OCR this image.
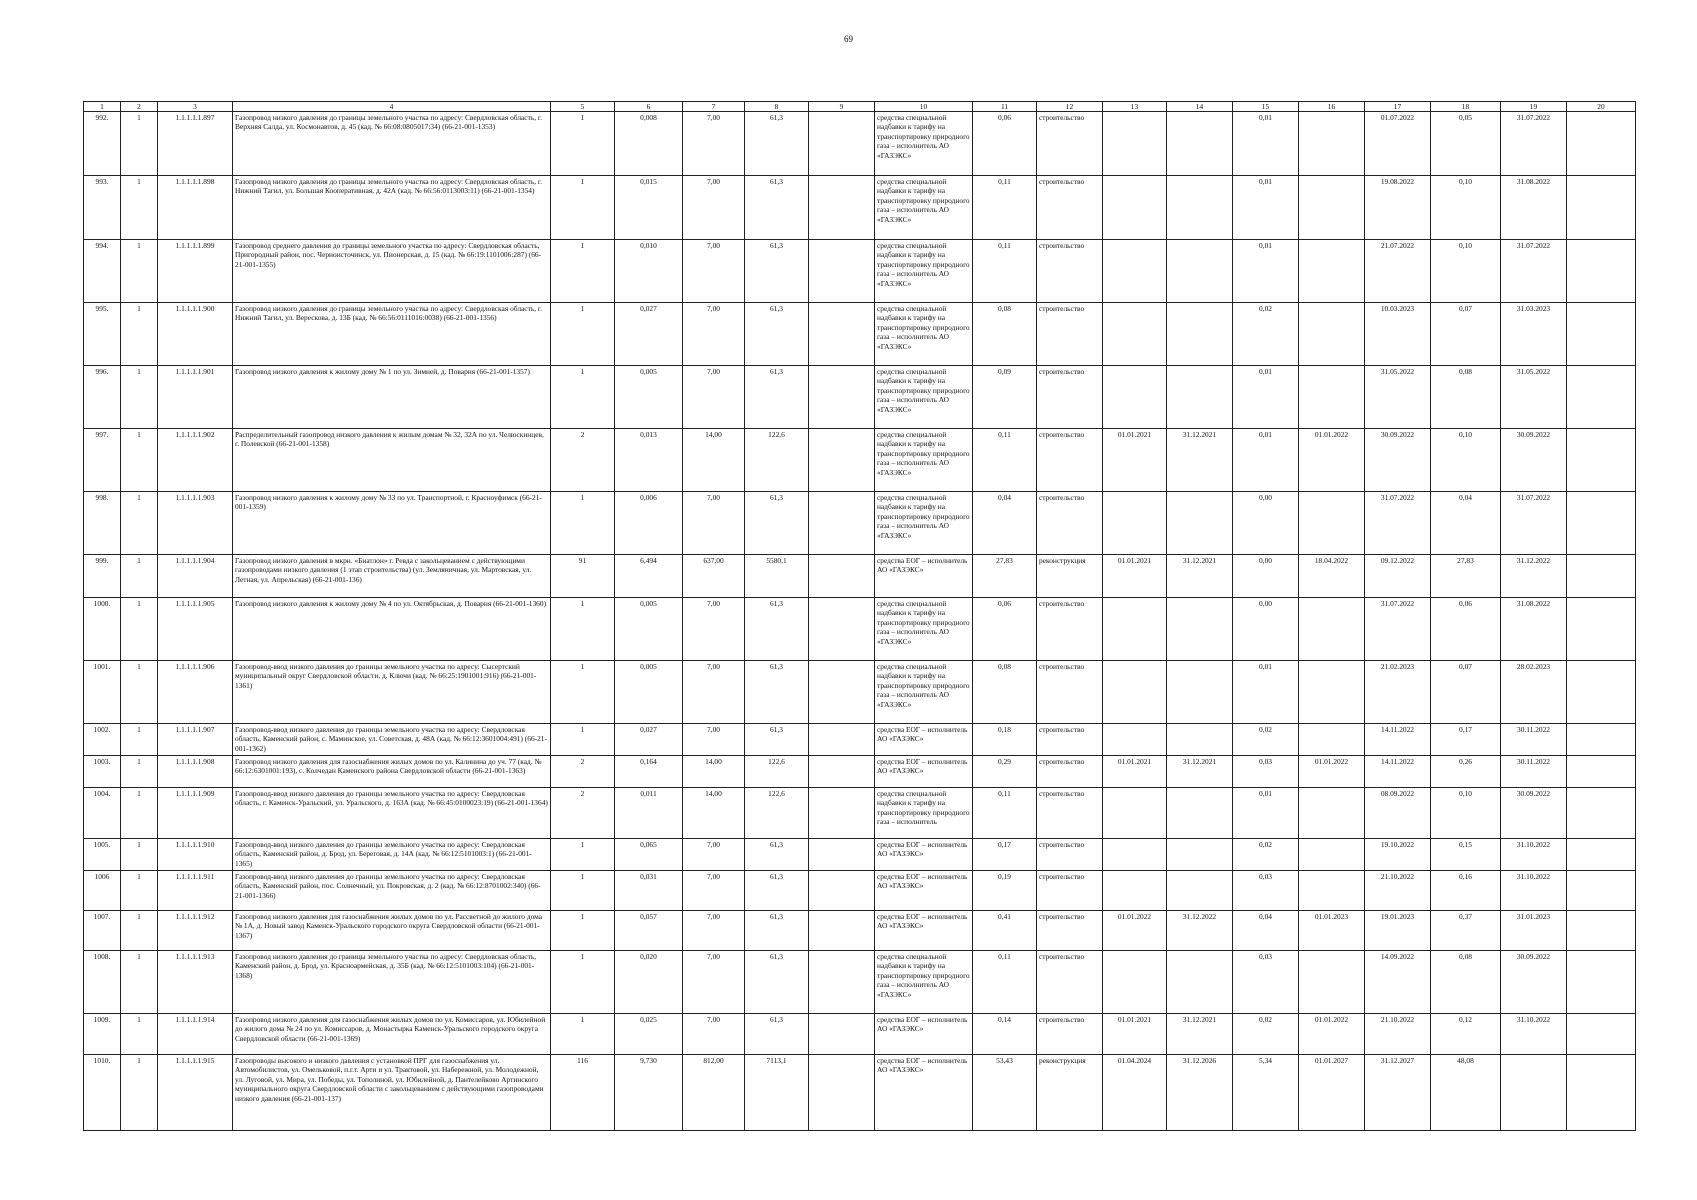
69
1	2	3	4	5	6	7	8	9	10	11	12	13	14	15	16	17	18	19	20
992.	1	1.1.1.1.1.897	Газопровод низкого давления до границы земельного участка по адресу: Свердловская область, г. Верхняя Салда, ул. Космонавтов, д. 45 (кад. № 66:08:0805017:34) (66-21-001-1353)	1	0,008	7,00	61,3		средства специальной надбавки к тарифу на транспортировку природного газа – исполнитель АО «ГАЗЭКС»	0,06	строительство			0,01		01.07.2022	0,05	31.07.2022	
993.	1	1.1.1.1.1.898	Газопровод низкого давления до границы земельного участка по адресу: Свердловская область, г. Нижний Тагил, ул. Большая Кооперативная, д. 42А (кад. № 66:56:0113003:11) (66-21-001-1354)	1	0,015	7,00	61,3		средства специальной надбавки к тарифу на транспортировку природного газа – исполнитель АО «ГАЗЭКС»	0,11	строительство			0,01		19.08.2022	0,10	31.08.2022	
994.	1	1.1.1.1.1.899	Газопровод среднего давления до границы земельного участка по адресу: Свердловская область, Пригородный район, пос. Черноисточинск, ул. Пионерская, д. 15 (кад. № 66:19:1101006:287) (66-21-001-1355)	1	0,010	7,00	61,3		средства специальной надбавки к тарифу на транспортировку природного газа – исполнитель АО «ГАЗЭКС»	0,11	строительство			0,01		21.07.2022	0,10	31.07.2022	
995.	1	1.1.1.1.1.900	Газопровод низкого давления до границы земельного участка по адресу: Свердловская область, г. Нижний Тагил, ул. Верескова, д. 13Б (кад. № 66:56:0111016:0038) (66-21-001-1356)	1	0,027	7,00	61,3		средства специальной надбавки к тарифу на транспортировку природного газа – исполнитель АО «ГАЗЭКС»	0,08	строительство			0,02		10.03.2023	0,07	31.03.2023	
996.	1	1.1.1.1.1.901	Газопровод низкого давления к жилому дому № 1 по ул. Зимней, д. Поварня (66-21-001-1357)	1	0,005	7,00	61,3		средства специальной надбавки к тарифу на транспортировку природного газа – исполнитель АО «ГАЗЭКС»	0,09	строительство			0,01		31.05.2022	0,08	31.05.2022	
997.	1	1.1.1.1.1.902	Распределительный газопровод низкого давления к жилым домам № 32, 32А по ул. Челюскинцев, г. Полевской (66-21-001-1358)	2	0,013	14,00	122,6		средства специальной надбавки к тарифу на транспортировку природного газа – исполнитель АО «ГАЗЭКС»	0,11	строительство	01.01.2021	31.12.2021	0,01	01.01.2022	30.09.2022	0,10	30.09.2022	
998.	1	1.1.1.1.1.903	Газопровод низкого давления к жилому дому № 33 по ул. Транспортной, г. Красноуфимск (66-21-001-1359)	1	0,006	7,00	61,3		средства специальной надбавки к тарифу на транспортировку природного газа – исполнитель АО «ГАЗЭКС»	0,04	строительство			0,00		31.07.2022	0,04	31.07.2022	
999.	1	1.1.1.1.1.904	Газопровод низкого давления в мкрн. «Биатлон» г. Ревда с закольцеванием с действующими газопроводами низкого давления (1 этап строительства) (ул. Земляничная, ул. Мартовская, ул. Летная, ул. Апрельская) (66-21-001-136)	91	6,494	637,00	5580,1		средства ЕОГ – исполнитель АО «ГАЗЭКС»	27,83	реконструкция	01.01.2021	31.12.2021	0,00	18.04.2022	09.12.2022	27,83	31.12.2022	
1000.	1	1.1.1.1.1.905	Газопровод низкого давления к жилому дому № 4 по ул. Октябрьская, д. Поварня (66-21-001-1360)	1	0,005	7,00	61,3		средства специальной надбавки к тарифу на транспортировку природного газа – исполнитель АО «ГАЗЭКС»	0,06	строительство			0,00		31.07.2022	0,06	31.08.2022	
1001.	1	1.1.1.1.1.906	Газопровод-ввод низкого давления до границы земельного участка по адресу: Сысертский муниципальный округ Свердловской области, д. Ключи (кад. № 66:25:1901001:916) (66-21-001-1361)	1	0,005	7,00	61,3		средства специальной надбавки к тарифу на транспортировку природного газа – исполнитель АО «ГАЗЭКС»	0,08	строительство			0,01		21.02.2023	0,07	28.02.2023	
1002.	1	1.1.1.1.1.907	Газопровод-ввод низкого давления до границы земельного участка по адресу: Свердловская область, Каменский район, с. Маминское, ул. Советская, д. 48А (кад. № 66:12:3601004:491) (66-21-001-1362)	1	0,027	7,00	61,3		средства ЕОГ – исполнитель АО «ГАЗЭКС»	0,18	строительство			0,02		14.11.2022	0,17	30.11.2022	
1003.	1	1.1.1.1.1.908	Газопровод низкого давления для газоснабжения жилых домов по ул. Калинина до уч. 77 (кад. № 66:12:6301001:193), с. Колчедан Каменского района Свердловской области (66-21-001-1363)	2	0,164	14,00	122,6		средства ЕОГ – исполнитель АО «ГАЗЭКС»	0,29	строительство	01.01.2021	31.12.2021	0,03	01.01.2022	14.11.2022	0,26	30.11.2022	
1004.	1	1.1.1.1.1.909	Газопровод-ввод низкого давления до границы земельного участка по адресу: Свердловская область, г. Каменск-Уральский, ул. Уральского, д. 163А (кад. № 66:45:0100023:19) (66-21-001-1364)	2	0,011	14,00	122,6		средства специальной надбавки к тарифу на транспортировку природного газа – исполнитель	0,11	строительство			0,01		08.09.2022	0,10	30.09.2022	
1005.	1	1.1.1.1.1.910	Газопровод-ввод низкого давления до границы земельного участка по адресу: Свердловская область, Каменский район, д. Брод, ул. Береговая, д. 14А (кад. № 66:12:5101003:1) (66-21-001-1365)	1	0,065	7,00	61,3		средства ЕОГ – исполнитель АО «ГАЗЭКС»	0,17	строительство			0,02		19.10.2022	0,15	31.10.2022	
1006	1	1.1.1.1.1.911	Газопровод-ввод низкого давления до границы земельного участка по адресу: Свердловская область, Каменский район, пос. Солнечный, ул. Покровская, д. 2 (кад. № 66:12:8701002:340) (66-21-001-1366)	1	0,031	7,00	61,3		средства ЕОГ – исполнитель АО «ГАЗЭКС»	0,19	строительство			0,03		21.10.2022	0,16	31.10.2022	
1007.	1	1.1.1.1.1.912	Газопровод низкого давления для газоснабжения жилых домов по ул. Рассветной до жилого дома № 1А, д. Новый завод Каменск-Уральского городского округа Свердловской области (66-21-001-1367)	1	0,057	7,00	61,3		средства ЕОГ – исполнитель АО «ГАЗЭКС»	0,41	строительство	01.01.2022	31.12.2022	0,04	01.01.2023	19.01.2023	0,37	31.01.2023	
1008.	1	1.1.1.1.1.913	Газопровод низкого давления до границы земельного участка по адресу: Свердловская область, Каменский район, д. Брод, ул. Красноармейская, д. 35Б (кад. № 66:12:5101003:104) (66-21-001-1368)	1	0,020	7,00	61,3		средства специальной надбавки к тарифу на транспортировку природного газа – исполнитель АО «ГАЗЭКС»	0,11	строительство			0,03		14.09.2022	0,08	30.09.2022	
1009.	1	1.1.1.1.1.914	Газопровод низкого давления для газоснабжения жилых домов по ул. Комиссаров, ул. Юбилейной до жилого дома № 24 по ул. Комиссаров, д. Монастырка Каменск-Уральского городского округа Свердловской области (66-21-001-1369)	1	0,025	7,00	61,3		средства ЕОГ – исполнитель АО «ГАЗЭКС»	0,14	строительство	01.01.2021	31.12.2021	0,02	01.01.2022	21.10.2022	0,12	31.10.2022	
1010.	1	1.1.1.1.1.915	Газопроводы высокого и низкого давления с установкой ПРГ для газоснабжения ул. Автомобилистов, ул. Омельковой, п.г.т. Арти и ул. Трактовой, ул. Набережной, ул. Молодежной, ул. Луговой, ул. Мира, ул. Победы, ул. Тополиной, ул. Юбилейной, д. Пантелейково Артинского муниципального округа Свердловской области с закольцеванием с действующими газопроводами низкого давления (66-21-001-137)	116	9,730	812,00	7113,1		средства ЕОГ – исполнитель АО «ГАЗЭКС»	53,43	реконструкция	01.04.2024	31.12.2026	5,34	01.01.2027	31.12.2027	48,08		
